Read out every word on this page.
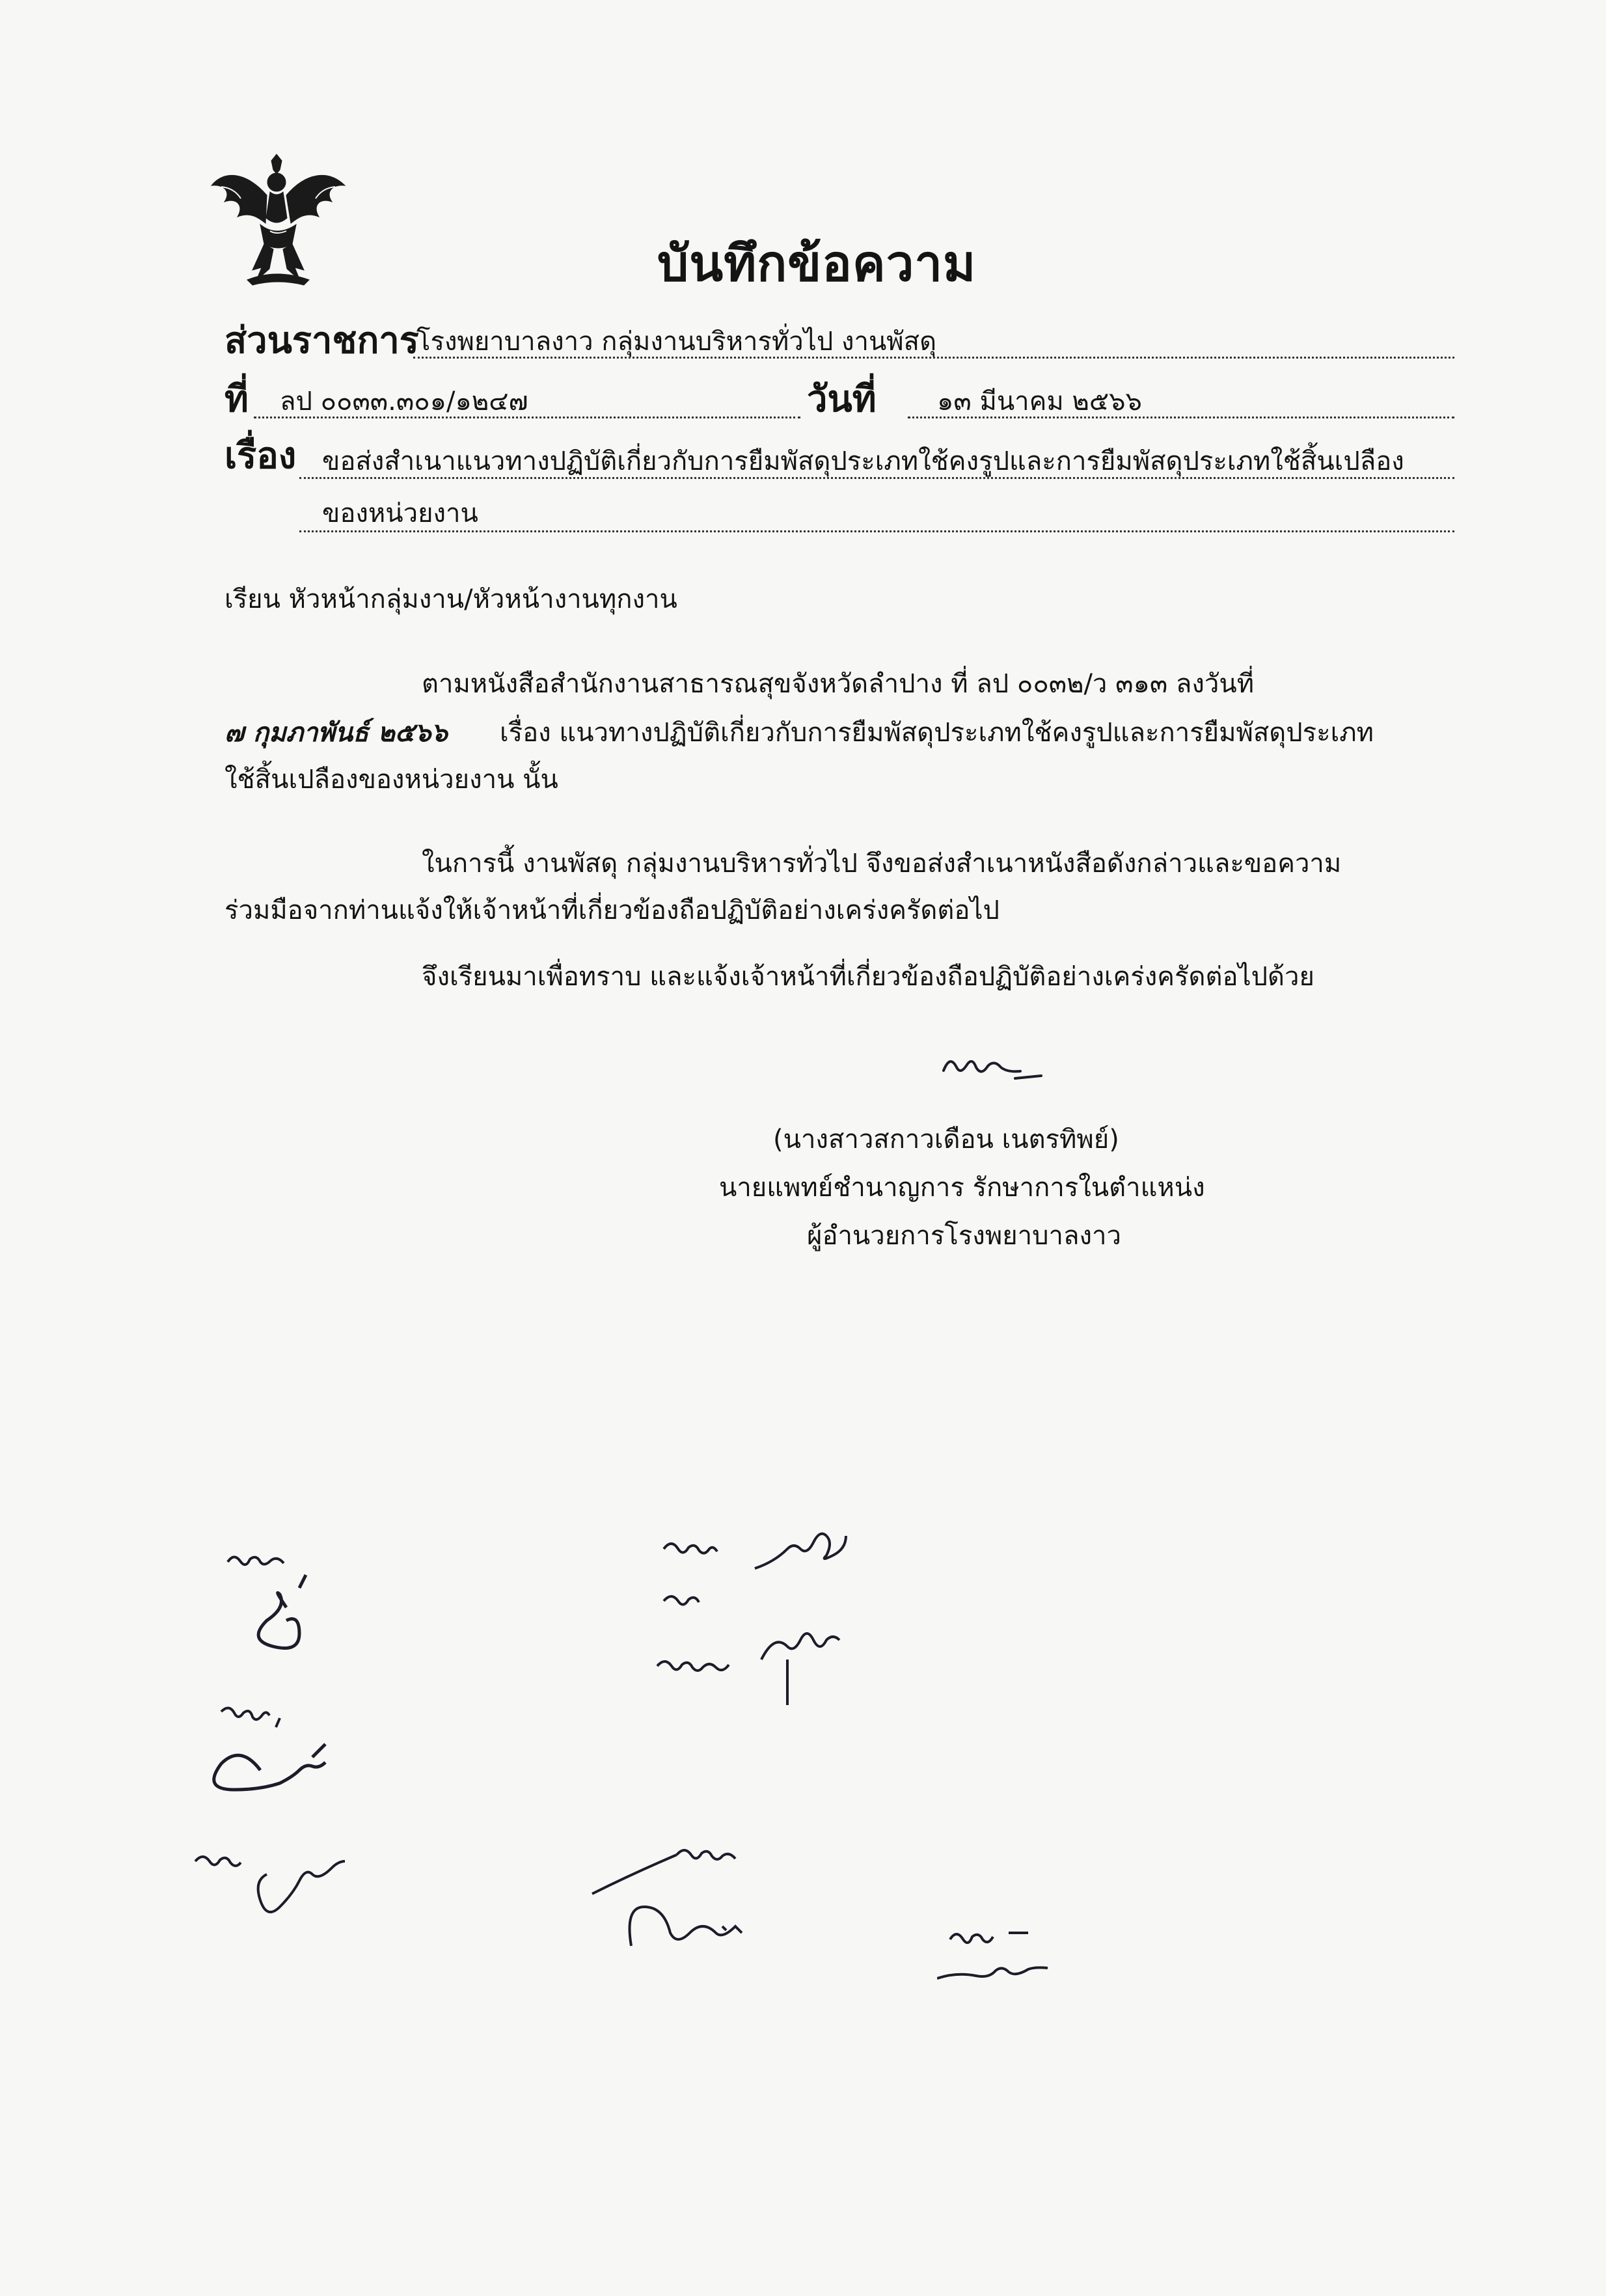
บันทึกข้อความ
ส่วนราชการ
โรงพยาบาลงาว กลุ่มงานบริหารทั่วไป งานพัสดุ
ที่ ลป ๐๐๓๓.๓๐๑/๑๒๔๗	วันที่ ๑๓ มีนาคม ๒๕๖๖
เรื่อง ขอส่งสำเนาแนวทางปฏิบัติเกี่ยวกับการยืมพัสดุประเภทใช้คงรูปและการยืมพัสดุประเภทใช้สิ้นเปลือง
ของหน่วยงาน
เรียน หัวหน้ากลุ่มงาน/หัวหน้างานทุกงาน
ตามหนังสือสำนักงานสาธารณสุขจังหวัดลำปาง ที่ ลป ๐๐๓๒/ว ๓๑๓ ลงวันที่
๗ กุมภาพันธ์ ๒๕๖๖ เรื่อง แนวทางปฏิบัติเกี่ยวกับการยืมพัสดุประเภทใช้คงรูปและการยืมพัสดุประเภท
ใช้สิ้นเปลืองของหน่วยงาน นั้น
ในการนี้ งานพัสดุ กลุ่มงานบริหารทั่วไป จึงขอส่งสำเนาหนังสือดังกล่าวและขอความ
ร่วมมือจากท่านแจ้งให้เจ้าหน้าที่เกี่ยวข้องถือปฏิบัติอย่างเคร่งครัดต่อไป
จึงเรียนมาเพื่อทราบ และแจ้งเจ้าหน้าที่เกี่ยวข้องถือปฏิบัติอย่างเคร่งครัดต่อไปด้วย
(นางสาวสกาวเดือน เนตรทิพย์)
นายแพทย์ชำนาญการ รักษาการในตำแหน่ง
ผู้อำนวยการโรงพยาบาลงาว
